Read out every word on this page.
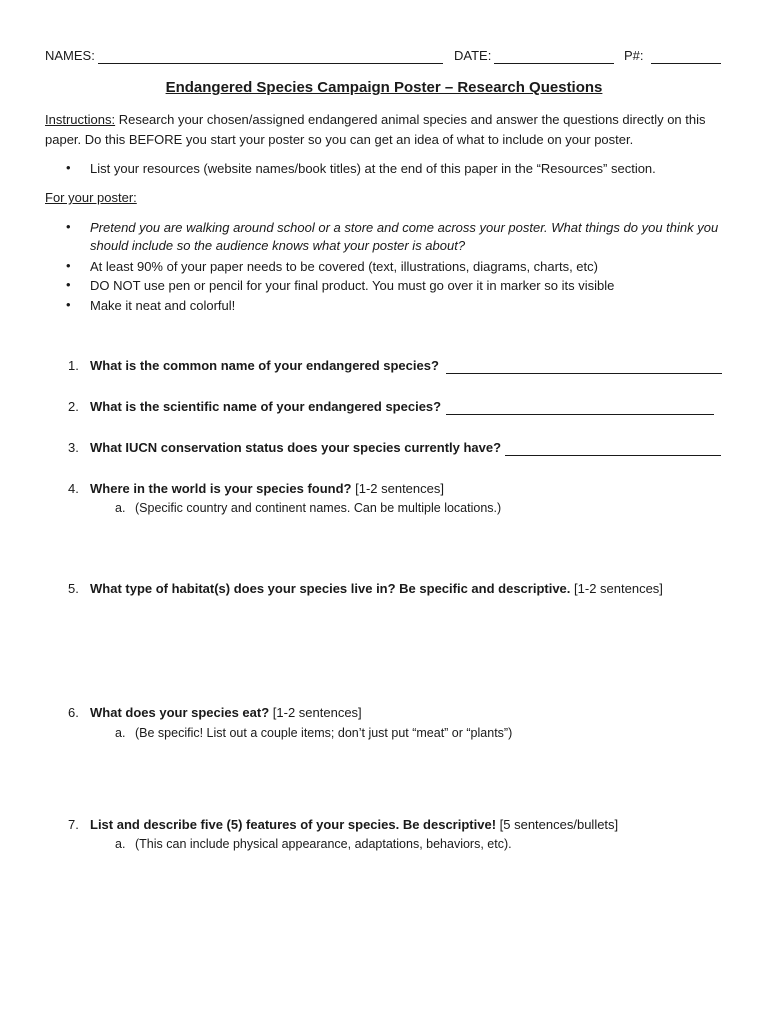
NAMES:	DATE:	P#:
Endangered Species Campaign Poster – Research Questions
Instructions: Research your chosen/assigned endangered animal species and answer the questions directly on this
paper. Do this BEFORE you start your poster so you can get an idea of what to include on your poster.
• List your resources (website names/book titles) at the end of this paper in the “Resources” section.
For your poster:
• Pretend you are walking around school or a store and come across your poster. What things do you think you
should include so the audience knows what your poster is about?
• At least 90% of your paper needs to be covered (text, illustrations, diagrams, charts, etc)
• DO NOT use pen or pencil for your final product. You must go over it in marker so its visible
• Make it neat and colorful!
1. What is the common name of your endangered species?
2. What is the scientific name of your endangered species?
3. What IUCN conservation status does your species currently have?
4. Where in the world is your species found? [1-2 sentences]
a. (Specific country and continent names. Can be multiple locations.)
5. What type of habitat(s) does your species live in? Be specific and descriptive. [1-2 sentences]
6. What does your species eat? [1-2 sentences]
a. (Be specific! List out a couple items; don’t just put “meat” or “plants”)
7. List and describe five (5) features of your species. Be descriptive! [5 sentences/bullets]
a. (This can include physical appearance, adaptations, behaviors, etc).
